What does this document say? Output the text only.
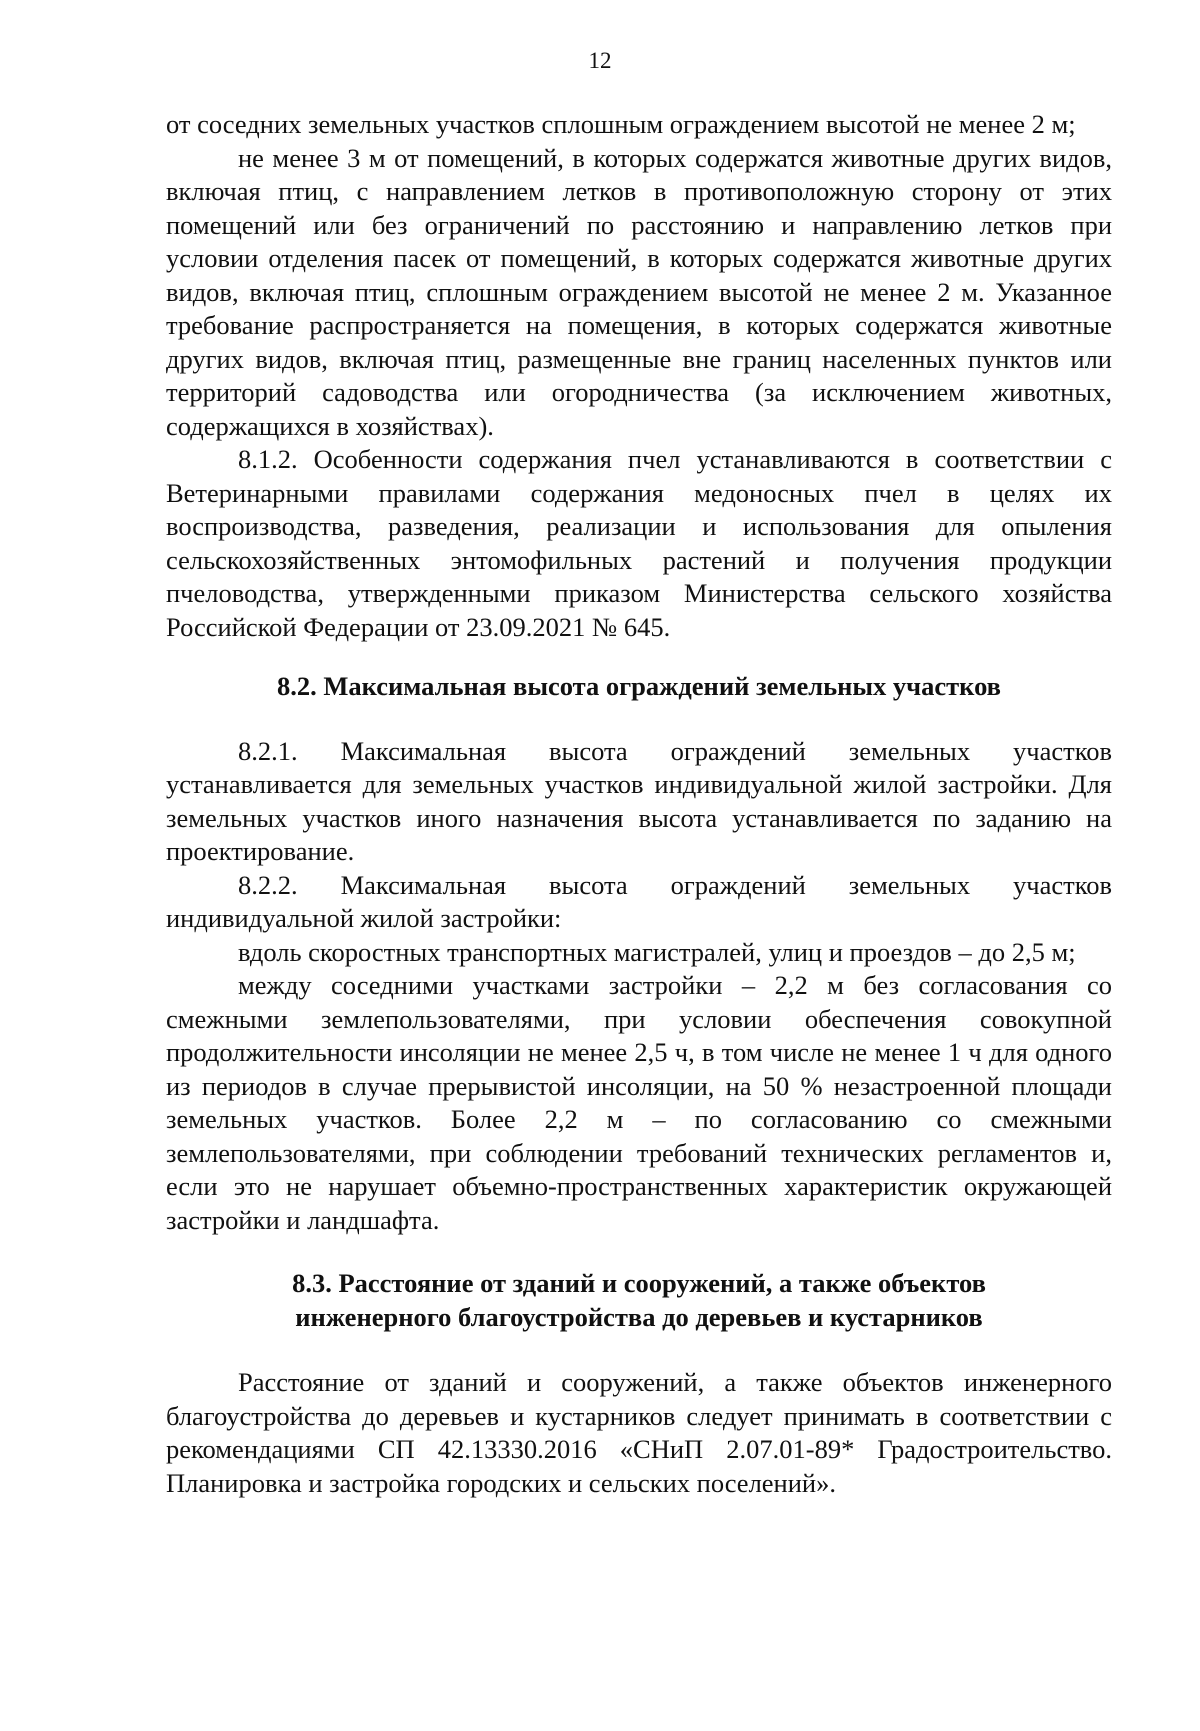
12

от соседних земельных участков сплошным ограждением высотой не менее 2 м;

не менее 3 м от помещений, в которых содержатся животные других видов, включая птиц, с направлением летков в противоположную сторону от этих помещений или без ограничений по расстоянию и направлению летков при условии отделения пасек от помещений, в которых содержатся животные других видов, включая птиц, сплошным ограждением высотой не менее 2 м. Указанное требование распространяется на помещения, в которых содержатся животные других видов, включая птиц, размещенные вне границ населенных пунктов или территорий садоводства или огородничества (за исключением животных, содержащихся в хозяйствах).

8.1.2. Особенности содержания пчел устанавливаются в соответствии с Ветеринарными правилами содержания медоносных пчел в целях их воспроизводства, разведения, реализации и использования для опыления сельскохозяйственных энтомофильных растений и получения продукции пчеловодства, утвержденными приказом Министерства сельского хозяйства Российской Федерации от 23.09.2021 № 645.

8.2. Максимальная высота ограждений земельных участков

8.2.1. Максимальная высота ограждений земельных участков устанавливается для земельных участков индивидуальной жилой застройки. Для земельных участков иного назначения высота устанавливается по заданию на проектирование.

8.2.2. Максимальная высота ограждений земельных участков индивидуальной жилой застройки:

вдоль скоростных транспортных магистралей, улиц и проездов – до 2,5 м;

между соседними участками застройки – 2,2 м без согласования со смежными землепользователями, при условии обеспечения совокупной продолжительности инсоляции не менее 2,5 ч, в том числе не менее 1 ч для одного из периодов в случае прерывистой инсоляции, на 50 % незастроенной площади земельных участков. Более 2,2 м – по согласованию со смежными землепользователями, при соблюдении требований технических регламентов и, если это не нарушает объемно-пространственных характеристик окружающей застройки и ландшафта.

8.3. Расстояние от зданий и сооружений, а также объектов
инженерного благоустройства до деревьев и кустарников

Расстояние от зданий и сооружений, а также объектов инженерного благоустройства до деревьев и кустарников следует принимать в соответствии с рекомендациями СП 42.13330.2016 «СНиП 2.07.01-89* Градостроительство. Планировка и застройка городских и сельских поселений».
